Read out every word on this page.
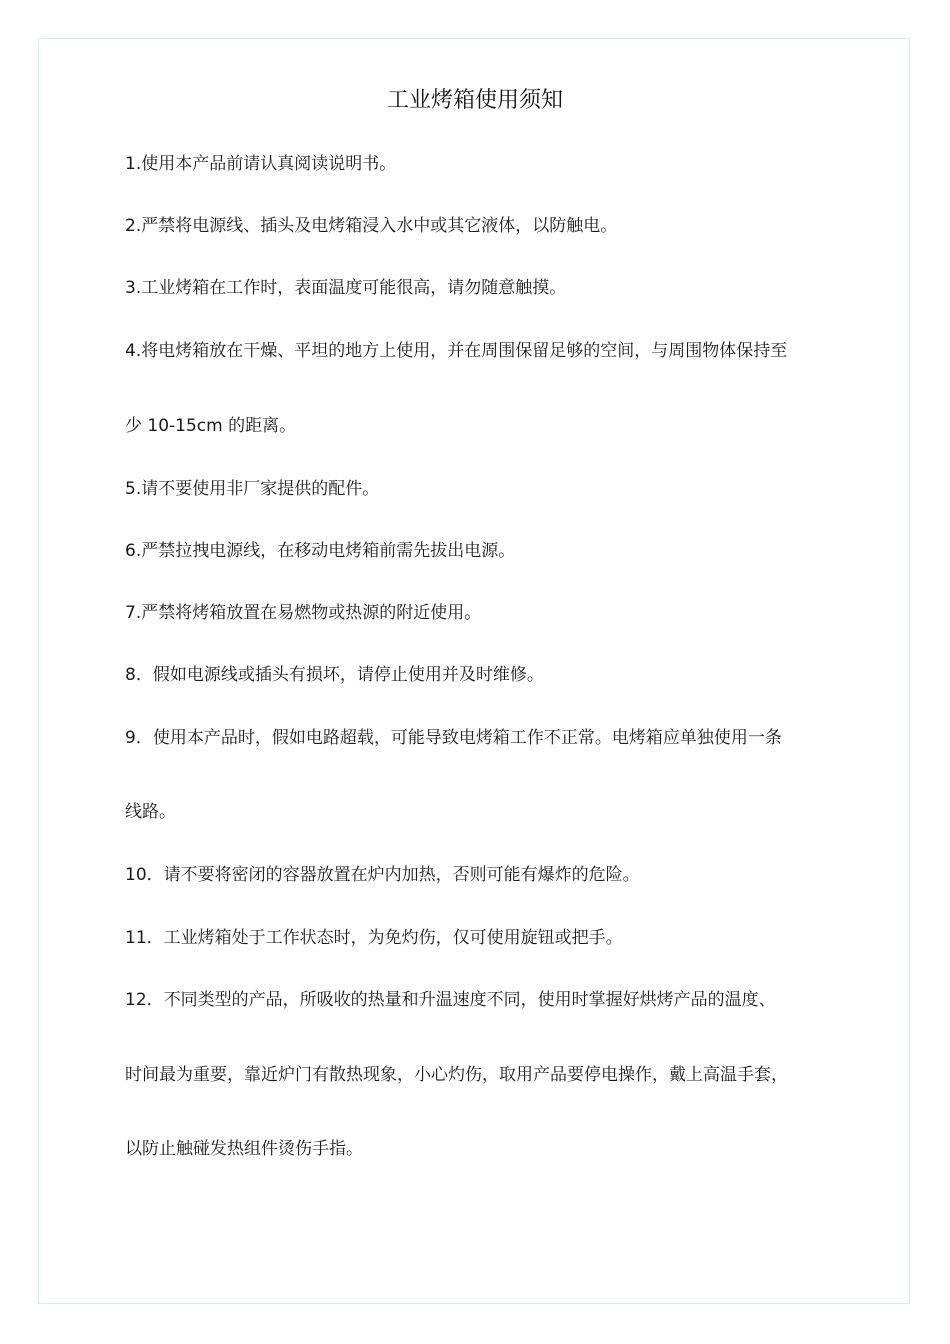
工业烤箱使用须知
1.使用本产品前请认真阅读说明书。
2.严禁将电源线、插头及电烤箱浸入水中或其它液体，以防触电。
3.工业烤箱在工作时，表面温度可能很高，请勿随意触摸。
4.将电烤箱放在干燥、平坦的地方上使用，并在周围保留足够的空间，与周围物体保持至
少 10-15cm 的距离。
5.请不要使用非厂家提供的配件。
6.严禁拉拽电源线，在移动电烤箱前需先拔出电源。
7.严禁将烤箱放置在易燃物或热源的附近使用。
8．假如电源线或插头有损坏，请停止使用并及时维修。
9．使用本产品时，假如电路超载，可能导致电烤箱工作不正常。电烤箱应单独使用一条
线路。
10．请不要将密闭的容器放置在炉内加热，否则可能有爆炸的危险。
11．工业烤箱处于工作状态时，为免灼伤，仅可使用旋钮或把手。
12．不同类型的产品，所吸收的热量和升温速度不同，使用时掌握好烘烤产品的温度、
时间最为重要，靠近炉门有散热现象，小心灼伤，取用产品要停电操作，戴上高温手套，
以防止触碰发热组件烫伤手指。
